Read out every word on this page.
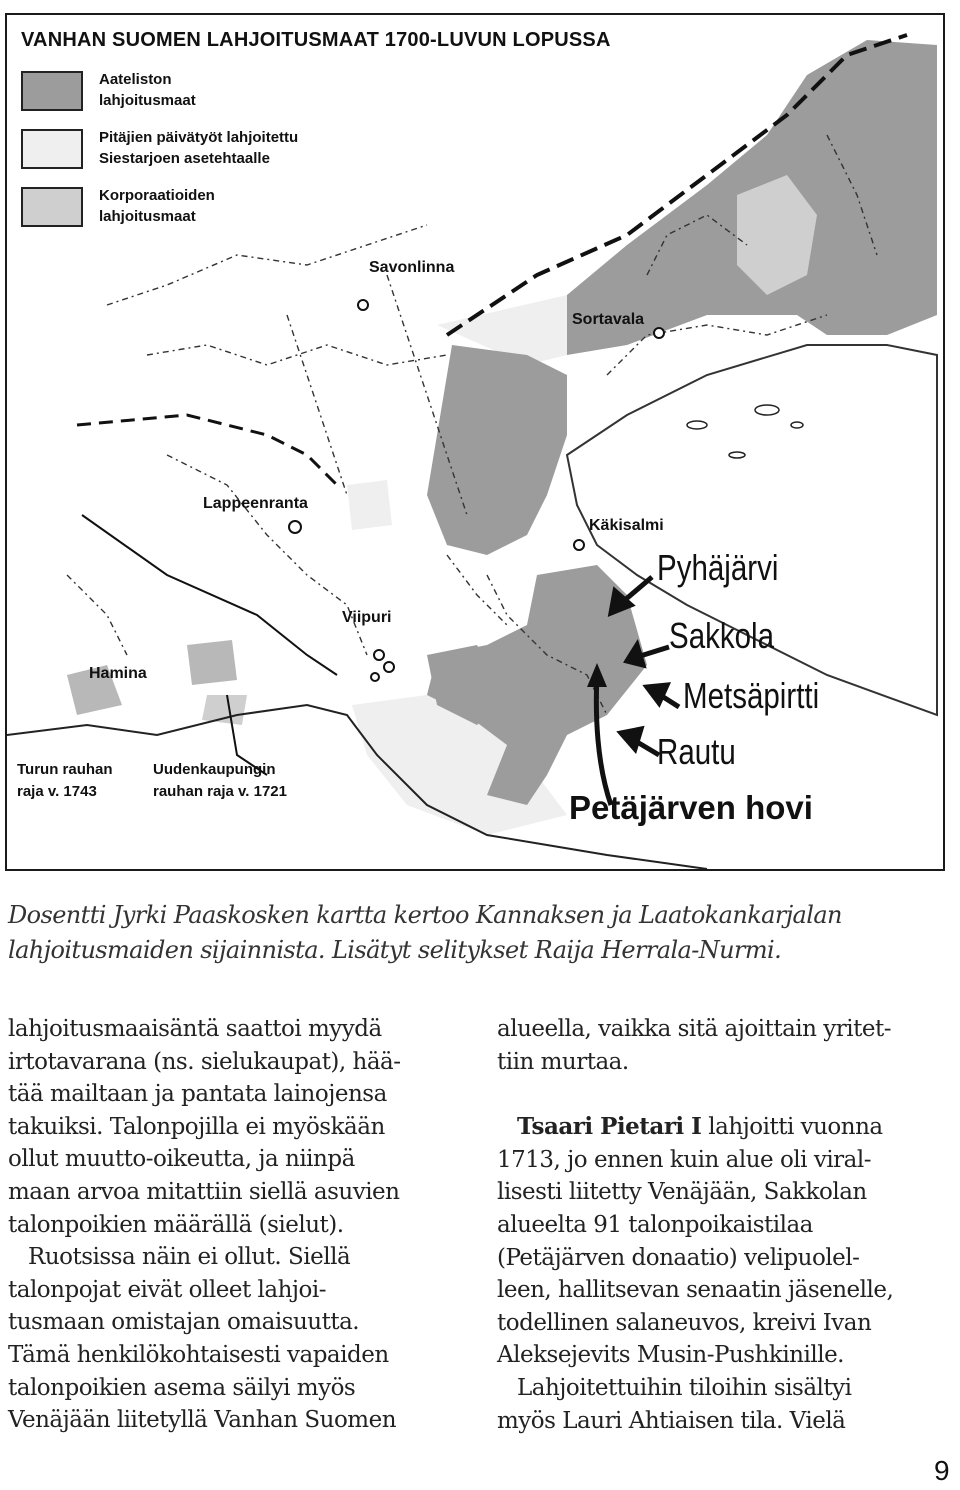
VANHAN SUOMEN LAHJOITUSMAAT 1700-LUVUN LOPUSSA
Aateliston
lahjoitusmaat
Pitäjien päivätyöt lahjoitettu
Siestarjoen asetehtaalle
Korporaatioiden
lahjoitusmaat
Savonlinna
Sortavala
Lappeenranta
Käkisalmi
Viipuri
Hamina
Pyhäjärvi
Sakkola
Metsäpirtti
Rautu
Petäjärven hovi
Turun rauhan
raja v. 1743
Uudenkaupungin
rauhan raja v. 1721
Dosentti Jyrki Paaskosken kartta kertoo Kannaksen ja Laatokankarjalan
lahjoitusmaiden sijainnista. Lisätyt selitykset Raija Herrala-Nurmi.

lahjoitusmaaisäntä saattoi myydä
irtotavarana (ns. sielukaupat), hää-
tää mailtaan ja pantata lainojensa
takuiksi. Talonpojilla ei myöskään
ollut muutto-oikeutta, ja niinpä
maan arvoa mitattiin siellä asuvien
talonpoikien määrällä (sielut).

Ruotsissa näin ei ollut. Siellä
talonpojat eivät olleet lahjoi-
tusmaan omistajan omaisuutta.
Tämä henkilökohtaisesti vapaiden
talonpoikien asema säilyi myös
Venäjään liitetyllä Vanhan Suomen

alueella, vaikka sitä ajoittain yritet-
tiin murtaa.

Tsaari Pietari I lahjoitti vuonna
1713, jo ennen kuin alue oli viral-
lisesti liitetty Venäjään, Sakkolan
alueelta 91 talonpoikaistilaa
(Petäjärven donaatio) velipuolel-
leen, hallitsevan senaatin jäsenelle,
todellinen salaneuvos, kreivi Ivan
Aleksejevits Musin-Pushkinille.

Lahjoitettuihin tiloihin sisältyi
myös Lauri Ahtiaisen tila. Vielä

9
